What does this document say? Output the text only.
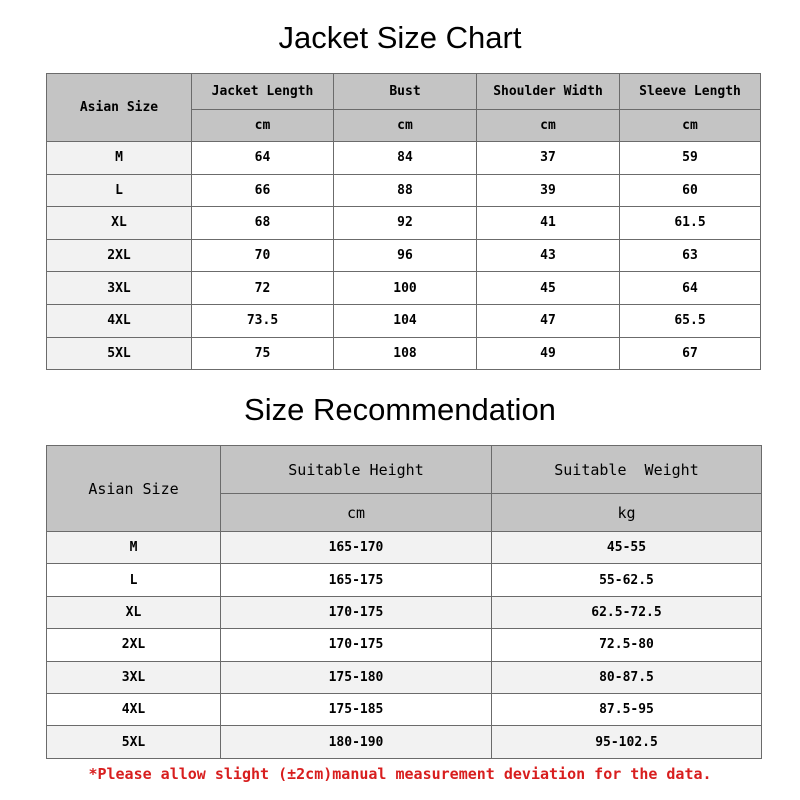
Jacket Size Chart
Asian Size	Jacket Length	Bust	Shoulder Width	Sleeve Length
	cm	cm	cm	cm
M	64	84	37	59
L	66	88	39	60
XL	68	92	41	61.5
2XL	70	96	43	63
3XL	72	100	45	64
4XL	73.5	104	47	65.5
5XL	75	108	49	67
Size Recommendation
Asian Size	Suitable Height	Suitable  Weight
	cm	kg
M	165-170	45-55
L	165-175	55-62.5
XL	170-175	62.5-72.5
2XL	170-175	72.5-80
3XL	175-180	80-87.5
4XL	175-185	87.5-95
5XL	180-190	95-102.5
*Please allow slight (±2cm)manual measurement deviation for the data.
